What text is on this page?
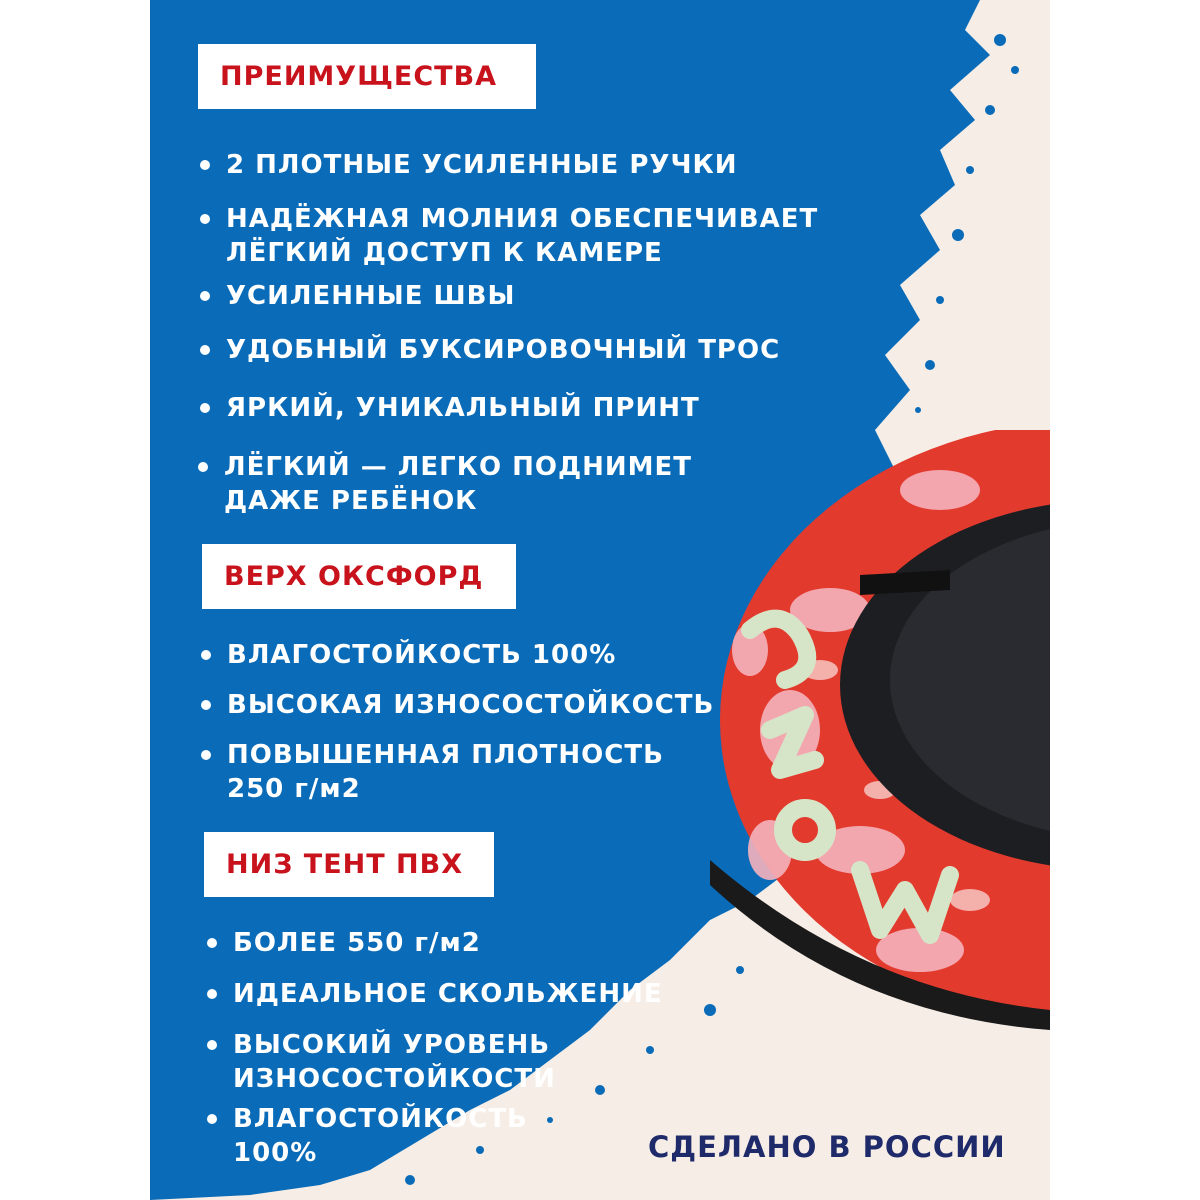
ПРЕИМУЩЕСТВА
2 ПЛОТНЫЕ УСИЛЕННЫЕ РУЧКИ
НАДЁЖНАЯ МОЛНИЯ ОБЕСПЕЧИВАЕТ
ЛЁГКИЙ ДОСТУП К КАМЕРЕ
УСИЛЕННЫЕ ШВЫ
УДОБНЫЙ БУКСИРОВОЧНЫЙ ТРОС
ЯРКИЙ, УНИКАЛЬНЫЙ ПРИНТ
ЛЁГКИЙ — ЛЕГКО ПОДНИМЕТ
ДАЖЕ РЕБЁНОК
ВЕРХ ОКСФОРД
ВЛАГОСТОЙКОСТЬ 100%
ВЫСОКАЯ ИЗНОСОСТОЙКОСТЬ
ПОВЫШЕННАЯ ПЛОТНОСТЬ
250 г/м2
НИЗ ТЕНТ ПВХ
БОЛЕЕ 550 г/м2
ИДЕАЛЬНОЕ СКОЛЬЖЕНИЕ
ВЫСОКИЙ УРОВЕНЬ
ИЗНОСОСТОЙКОСТИ
ВЛАГОСТОЙКОСТЬ
100%	СДЕЛАНО В РОССИИ
